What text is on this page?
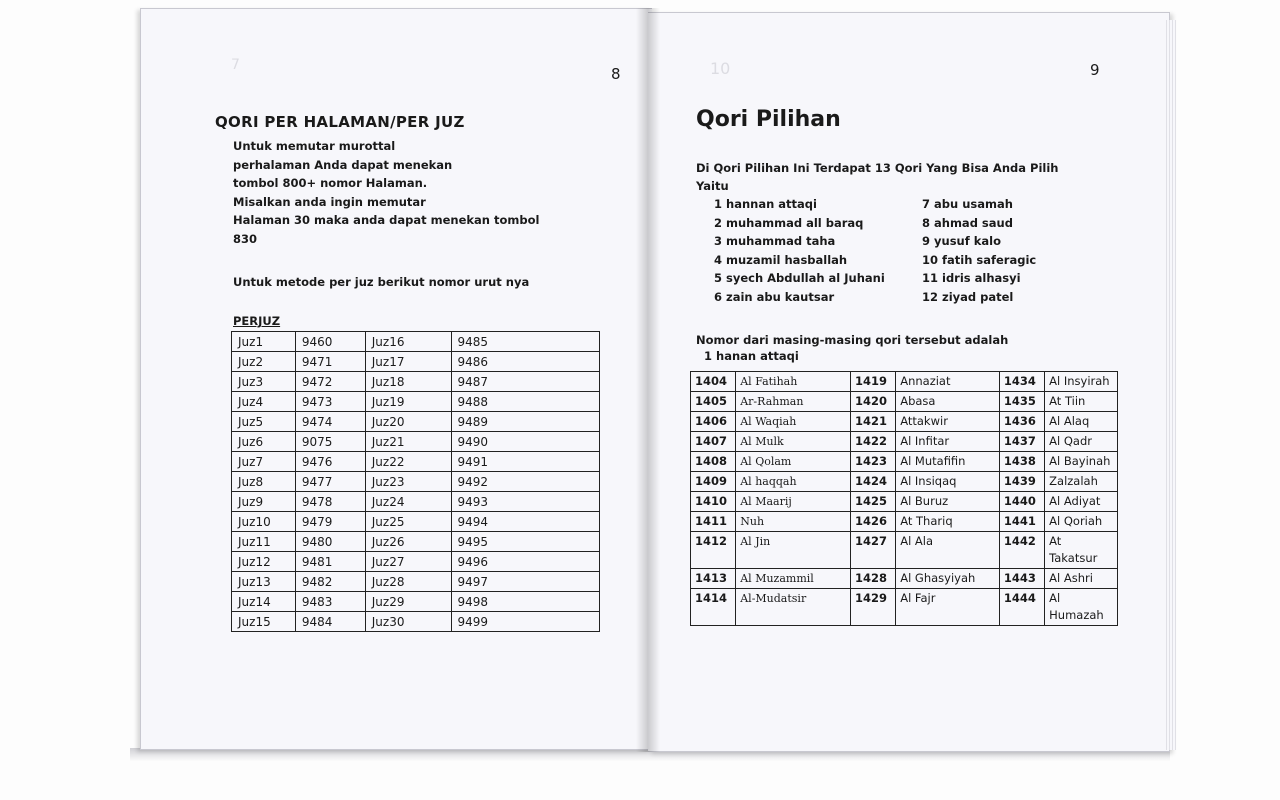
7	8
QORI PER HALAMAN/PER JUZ
Untuk memutar murottal
perhalaman Anda dapat menekan
tombol 800+ nomor Halaman.
Misalkan anda ingin memutar
Halaman 30 maka anda dapat menekan tombol
830
Untuk metode per juz berikut nomor urut nya
PERJUZ
Juz1	9460	Juz16	9485
Juz2	9471	Juz17	9486
Juz3	9472	Juz18	9487
Juz4	9473	Juz19	9488
Juz5	9474	Juz20	9489
Juz6	9075	Juz21	9490
Juz7	9476	Juz22	9491
Juz8	9477	Juz23	9492
Juz9	9478	Juz24	9493
Juz10	9479	Juz25	9494
Juz11	9480	Juz26	9495
Juz12	9481	Juz27	9496
Juz13	9482	Juz28	9497
Juz14	9483	Juz29	9498
Juz15	9484	Juz30	9499
10	9
Qori Pilihan
Di Qori Pilihan Ini Terdapat 13 Qori Yang Bisa Anda Pilih
Yaitu
1 hannan attaqi
2 muhammad all baraq
3 muhammad taha
4 muzamil hasballah
5 syech Abdullah al Juhani
6 zain abu kautsar
7 abu usamah
8 ahmad saud
9 yusuf kalo
10 fatih saferagic
11 idris alhasyi
12 ziyad patel
Nomor dari masing-masing qori tersebut adalah
1 hanan attaqi
1404	Al Fatihah	1419	Annaziat	1434	Al Insyirah
1405	Ar-Rahman	1420	Abasa	1435	At Tiin
1406	Al Waqiah	1421	Attakwir	1436	Al Alaq
1407	Al Mulk	1422	Al Infitar	1437	Al Qadr
1408	Al Qolam	1423	Al Mutafifin	1438	Al Bayinah
1409	Al haqqah	1424	Al Insiqaq	1439	Zalzalah
1410	Al Maarij	1425	Al Buruz	1440	Al Adiyat
1411	Nuh	1426	At Thariq	1441	Al Qoriah
1412	Al Jin	1427	Al Ala	1442	At Takatsur
1413	Al Muzammil	1428	Al Ghasyiyah	1443	Al Ashri
1414	Al-Mudatsir	1429	Al Fajr	1444	Al Humazah
